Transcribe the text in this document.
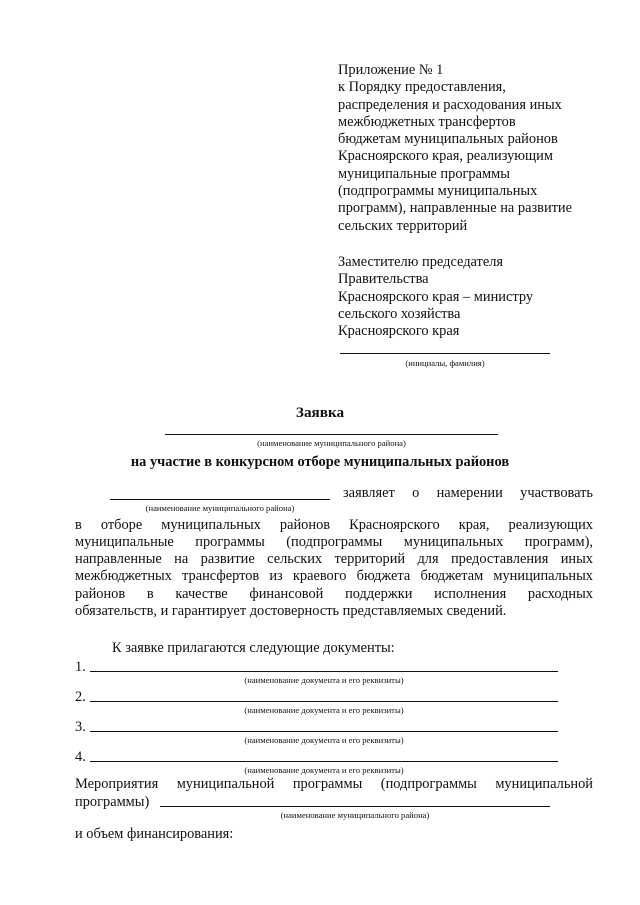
Приложение № 1
к Порядку предоставления,
распределения и расходования иных
межбюджетных трансфертов
бюджетам муниципальных районов
Красноярского края, реализующим
муниципальные программы
(подпрограммы муниципальных
программ), направленные на развитие
сельских территорий
Заместителю председателя
Правительства
Красноярского края – министру
сельского хозяйства
Красноярского края
(инициалы, фамилия)
Заявка
(наименование муниципального района)
на участие в конкурсном отборе муниципальных районов
(наименование муниципального района)
заявляет о намерении участвовать
в отборе муниципальных районов Красноярского края, реализующих
муниципальные программы (подпрограммы муниципальных программ),
направленные на развитие сельских территорий для предоставления иных
межбюджетных трансфертов из краевого бюджета бюджетам муниципальных
районов в качестве финансовой поддержки исполнения расходных
обязательств, и гарантирует достоверность представляемых сведений.
К заявке прилагаются следующие документы:
1.
(наименование документа и его реквизиты)
2.
(наименование документа и его реквизиты)
3.
(наименование документа и его реквизиты)
4.
(наименование документа и его реквизиты)
Мероприятия муниципальной программы (подпрограммы муниципальной
программы)
(наименование муниципального района)
и объем финансирования:
